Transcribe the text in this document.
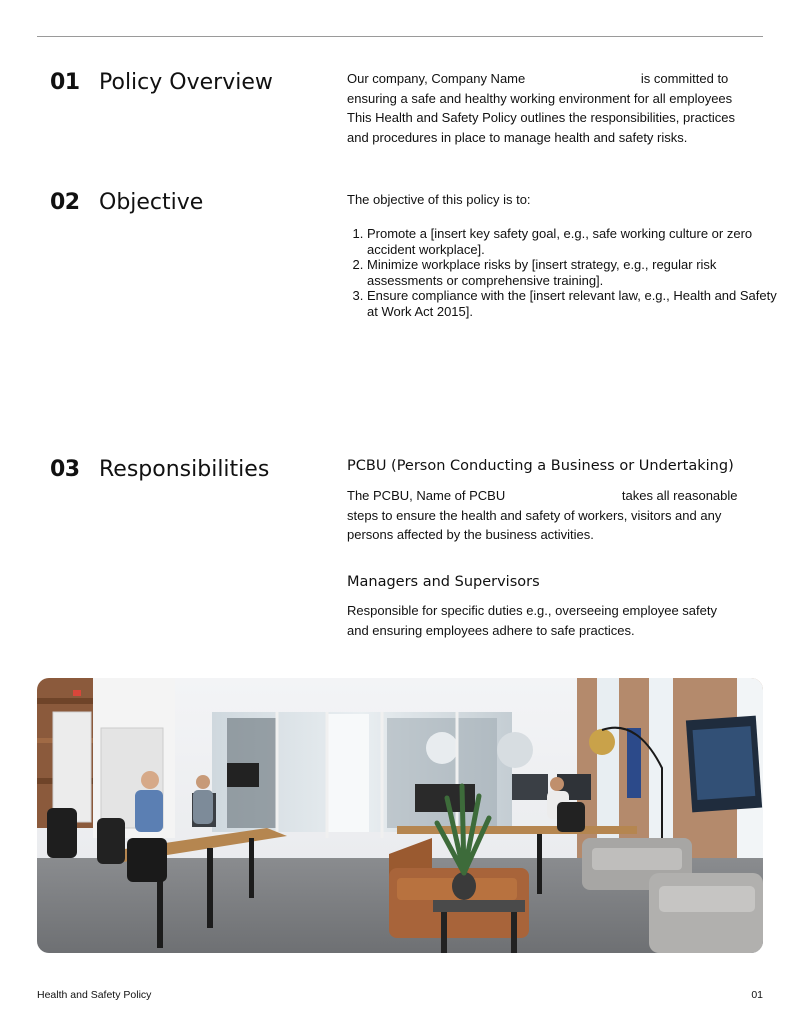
01 Policy Overview	Our company, Company Name	is committed to
ensuring a safe and healthy working environment for all employees
This Health and Safety Policy outlines the responsibilities, practices
and procedures in place to manage health and safety risks.
02 Objective	The objective of this policy is to:
1. Promote a [insert key safety goal, e.g., safe working culture or zero accident workplace].
2. Minimize workplace risks by [insert strategy, e.g., regular risk assessments or comprehensive training].
3. Ensure compliance with the [insert relevant law, e.g., Health and Safety at Work Act 2015].
03 Responsibilities	PCBU (Person Conducting a Business or Undertaking)
The PCBU, Name of PCBU	takes all reasonable
steps to ensure the health and safety of workers, visitors and any
persons affected by the business activities.
Managers and Supervisors
Responsible for specific duties e.g., overseeing employee safety
and ensuring employees adhere to safe practices.
Health and Safety Policy	01
